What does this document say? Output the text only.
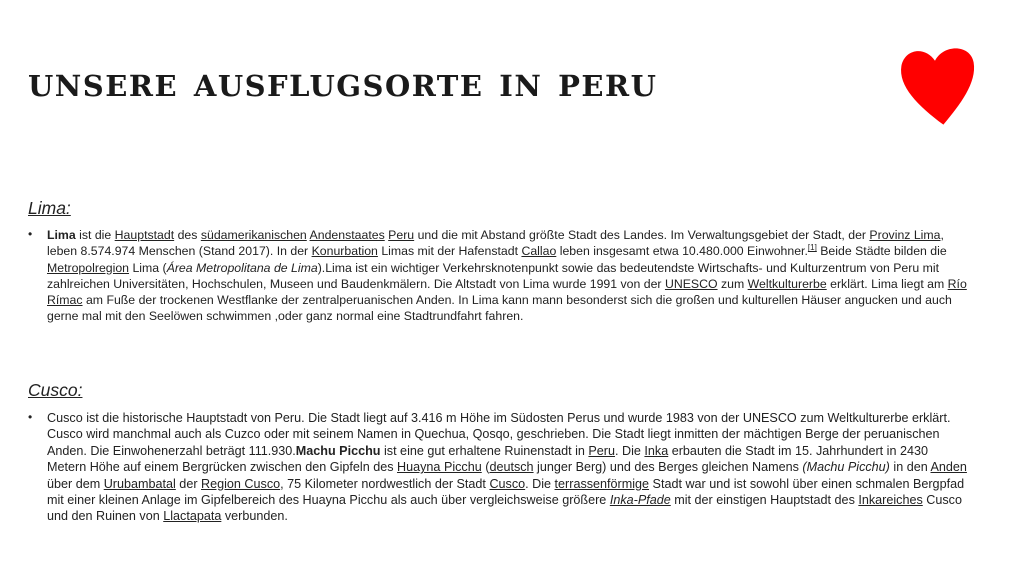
unsere ausflugsorte in peru
Lima:
• Lima ist die Hauptstadt des südamerikanischen Andenstaates Peru und die mit Abstand größte Stadt des Landes. Im Verwaltungsgebiet der Stadt, der Provinz Lima, leben 8.574.974 Menschen (Stand 2017). In der Konurbation Limas mit der Hafenstadt Callao leben insgesamt etwa 10.480.000 Einwohner.[1] Beide Städte bilden die Metropolregion Lima (Área Metropolitana de Lima).Lima ist ein wichtiger Verkehrsknotenpunkt sowie das bedeutendste Wirtschafts- und Kulturzentrum von Peru mit zahlreichen Universitäten, Hochschulen, Museen und Baudenkmälern. Die Altstadt von Lima wurde 1991 von der UNESCO zum Weltkulturerbe erklärt. Lima liegt am Río Rímac am Fuße der trockenen Westflanke der zentralperuanischen Anden. In Lima kann mann besonderst sich die großen und kulturellen Häuser angucken und auch gerne mal mit den Seelöwen schwimmen ,oder ganz normal eine Stadtrundfahrt fahren.

Cusco:
• Cusco ist die historische Hauptstadt von Peru. Die Stadt liegt auf 3.416 m Höhe im Südosten Perus und wurde 1983 von der UNESCO zum Weltkulturerbe erklärt. Cusco wird manchmal auch als Cuzco oder mit seinem Namen in Quechua, Qosqo, geschrieben. Die Stadt liegt inmitten der mächtigen Berge der peruanischen Anden. Die Einwohenerzahl beträgt 111.930.Machu Picchu ist eine gut erhaltene Ruinenstadt in Peru. Die Inka erbauten die Stadt im 15. Jahrhundert in 2430 Metern Höhe auf einem Bergrücken zwischen den Gipfeln des Huayna Picchu (deutsch junger Berg) und des Berges gleichen Namens (Machu Picchu) in den Anden über dem Urubambatal der Region Cusco, 75 Kilometer nordwestlich der Stadt Cusco. Die terrassenförmige Stadt war und ist sowohl über einen schmalen Bergpfad mit einer kleinen Anlage im Gipfelbereich des Huayna Picchu als auch über vergleichsweise größere Inka-Pfade mit der einstigen Hauptstadt des Inkareiches Cusco und den Ruinen von Llactapata verbunden.
